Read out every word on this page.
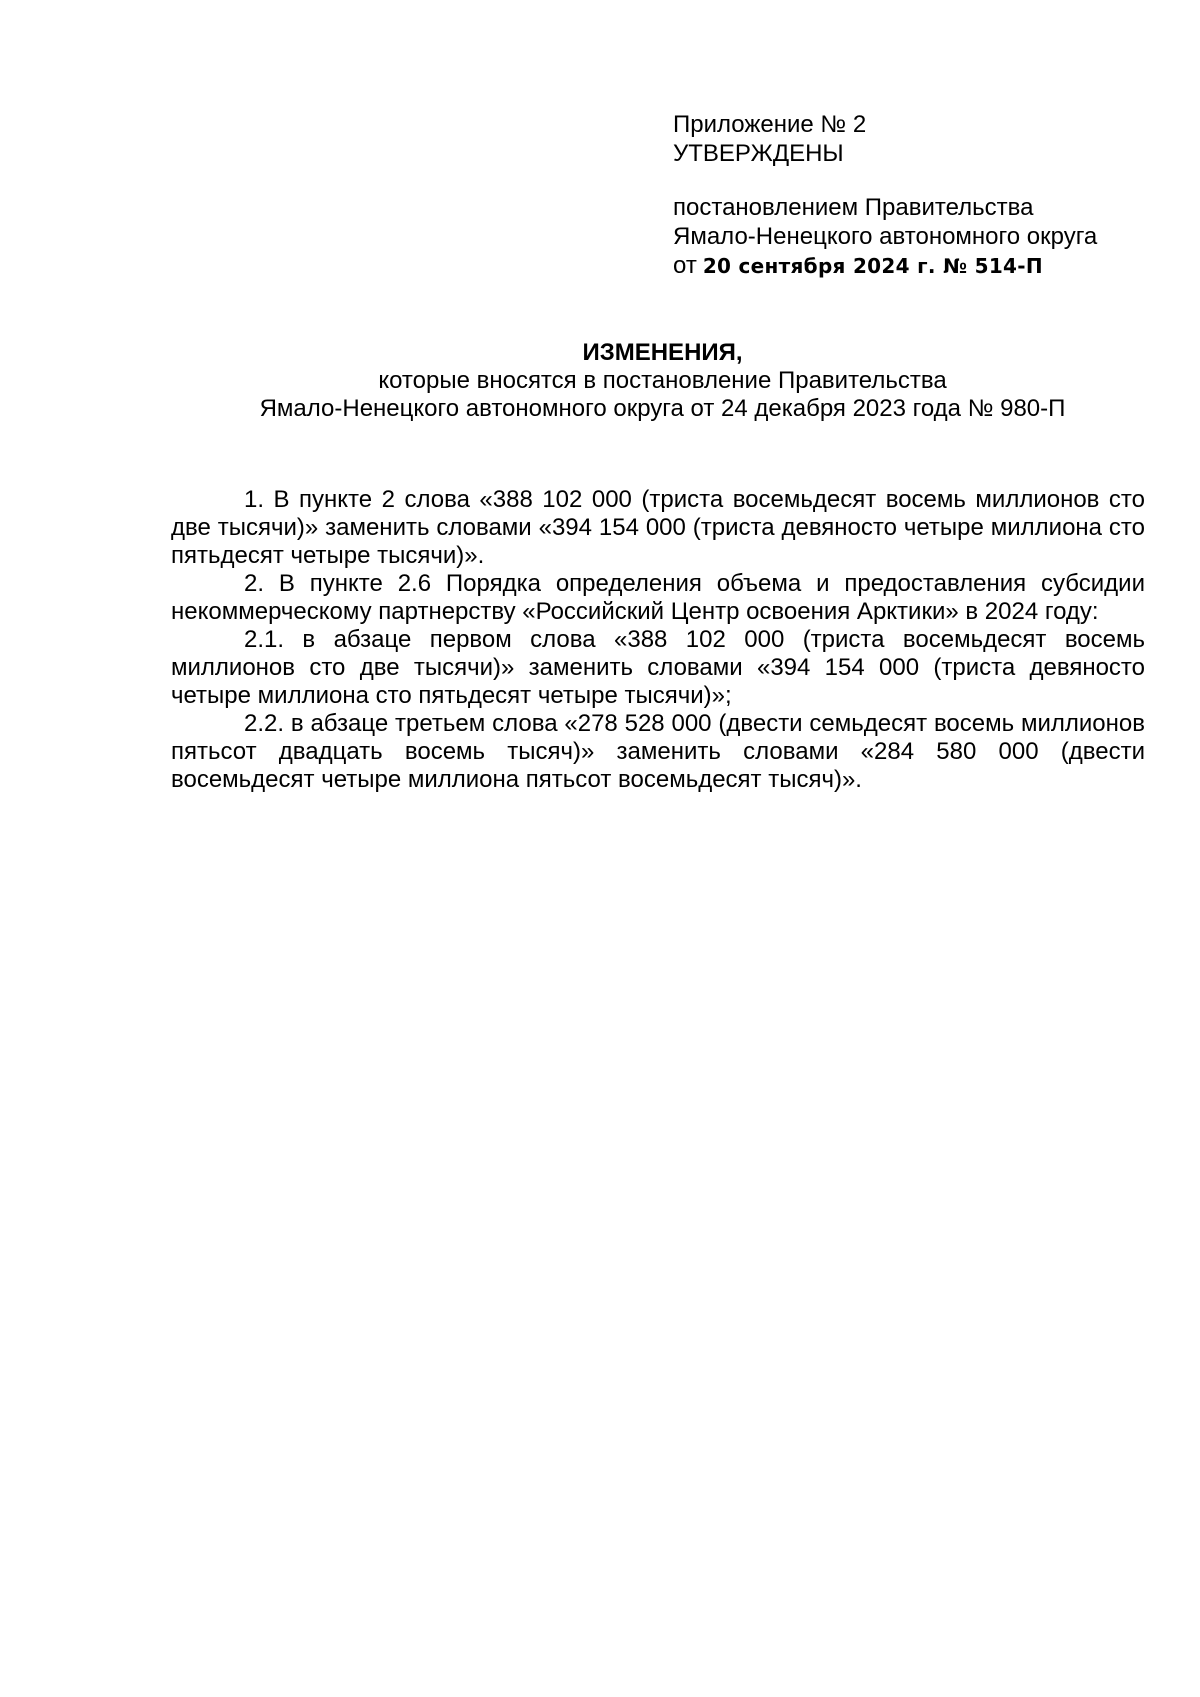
Приложение № 2
УТВЕРЖДЕНЫ
постановлением Правительства
Ямало-Ненецкого автономного округа
от 20 сентября 2024 г. № 514-П
ИЗМЕНЕНИЯ,
которые вносятся в постановление Правительства
Ямало-Ненецкого автономного округа от 24 декабря 2023 года № 980-П

1. В пункте 2 слова «388 102 000 (триста восемьдесят восемь миллионов сто две тысячи)» заменить словами «394 154 000 (триста девяносто четыре миллиона сто пятьдесят четыре тысячи)».

2. В пункте 2.6 Порядка определения объема и предоставления субсидии некоммерческому партнерству «Российский Центр освоения Арктики» в 2024 году:

2.1. в абзаце первом слова «388 102 000 (триста восемьдесят восемь миллионов сто две тысячи)» заменить словами «394 154 000 (триста девяносто четыре миллиона сто пятьдесят четыре тысячи)»;

2.2. в абзаце третьем слова «278 528 000 (двести семьдесят восемь миллионов пятьсот двадцать восемь тысяч)» заменить словами «284 580 000 (двести восемьдесят четыре миллиона пятьсот восемьдесят тысяч)».
